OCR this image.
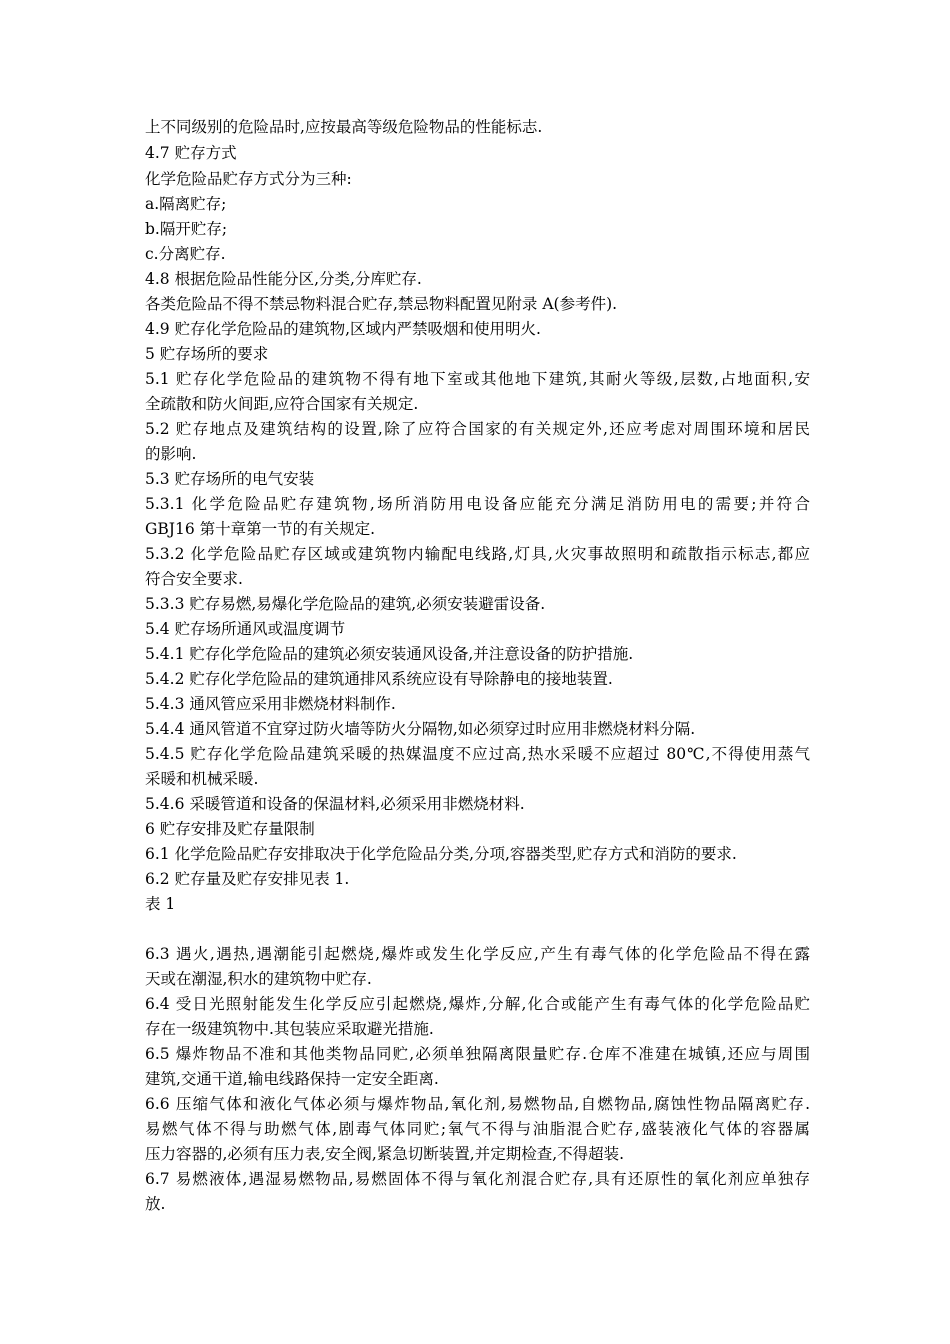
上不同级别的危险品时,应按最高等级危险物品的性能标志.
4.7 贮存方式
化学危险品贮存方式分为三种:
a.隔离贮存;
b.隔开贮存;
c.分离贮存.
4.8 根据危险品性能分区,分类,分库贮存.
各类危险品不得不禁忌物料混合贮存,禁忌物料配置见附录 A(参考件).
4.9 贮存化学危险品的建筑物,区域内严禁吸烟和使用明火.
5 贮存场所的要求
5.1 贮存化学危险品的建筑物不得有地下室或其他地下建筑,其耐火等级,层数,占地面积,安
全疏散和防火间距,应符合国家有关规定.
5.2 贮存地点及建筑结构的设置,除了应符合国家的有关规定外,还应考虑对周围环境和居民
的影响.
5.3 贮存场所的电气安装
5.3.1 化学危险品贮存建筑物,场所消防用电设备应能充分满足消防用电的需要;并符合
GBJ16 第十章第一节的有关规定.
5.3.2 化学危险品贮存区域或建筑物内输配电线路,灯具,火灾事故照明和疏散指示标志,都应
符合安全要求.
5.3.3 贮存易燃,易爆化学危险品的建筑,必须安装避雷设备.
5.4 贮存场所通风或温度调节
5.4.1 贮存化学危险品的建筑必须安装通风设备,并注意设备的防护措施.
5.4.2 贮存化学危险品的建筑通排风系统应设有导除静电的接地装置.
5.4.3 通风管应采用非燃烧材料制作.
5.4.4 通风管道不宜穿过防火墙等防火分隔物,如必须穿过时应用非燃烧材料分隔.
5.4.5 贮存化学危险品建筑采暖的热媒温度不应过高,热水采暖不应超过 80℃,不得使用蒸气
采暖和机械采暖.
5.4.6 采暖管道和设备的保温材料,必须采用非燃烧材料.
6 贮存安排及贮存量限制
6.1 化学危险品贮存安排取决于化学危险品分类,分项,容器类型,贮存方式和消防的要求.
6.2 贮存量及贮存安排见表 1.
表 1
6.3 遇火,遇热,遇潮能引起燃烧,爆炸或发生化学反应,产生有毒气体的化学危险品不得在露
天或在潮湿,积水的建筑物中贮存.
6.4 受日光照射能发生化学反应引起燃烧,爆炸,分解,化合或能产生有毒气体的化学危险品贮
存在一级建筑物中.其包装应采取避光措施.
6.5 爆炸物品不准和其他类物品同贮,必须单独隔离限量贮存.仓库不准建在城镇,还应与周围
建筑,交通干道,输电线路保持一定安全距离.
6.6 压缩气体和液化气体必须与爆炸物品,氧化剂,易燃物品,自燃物品,腐蚀性物品隔离贮存.
易燃气体不得与助燃气体,剧毒气体同贮;氧气不得与油脂混合贮存,盛装液化气体的容器属
压力容器的,必须有压力表,安全阀,紧急切断装置,并定期检查,不得超装.
6.7 易燃液体,遇湿易燃物品,易燃固体不得与氧化剂混合贮存,具有还原性的氧化剂应单独存
放.
